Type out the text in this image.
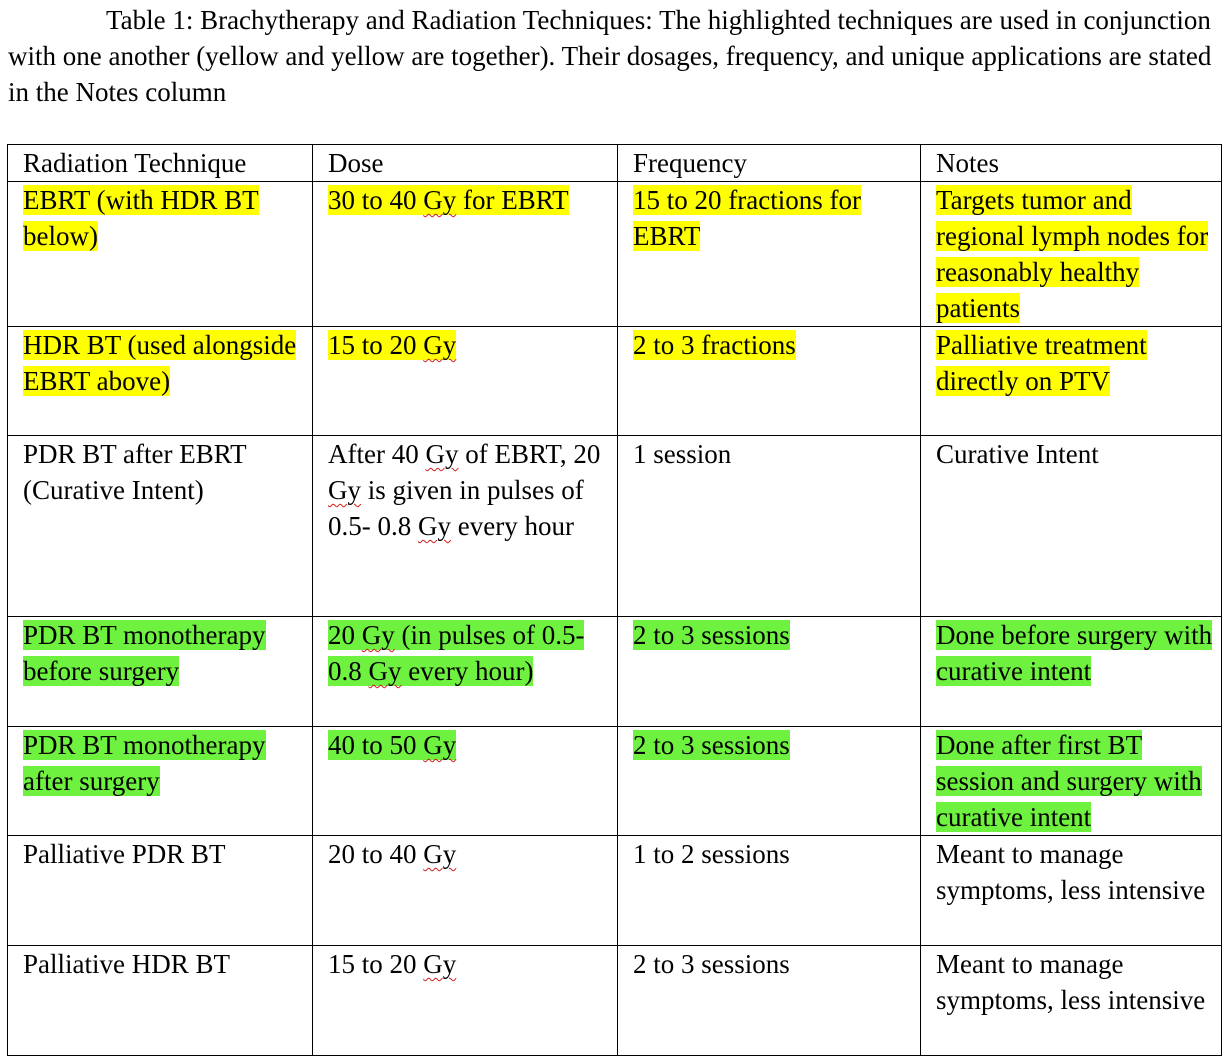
Table 1: Brachytherapy and Radiation Techniques: The highlighted techniques are used in conjunction with one another (yellow and yellow are together). Their dosages, frequency, and unique applications are stated in the Notes column

Radiation Technique	Dose	Frequency	Notes
EBRT (with HDR BT below)	30 to 40 Gy for EBRT	15 to 20 fractions for EBRT	Targets tumor and regional lymph nodes for reasonably healthy patients
HDR BT (used alongside EBRT above)	15 to 20 Gy	2 to 3 fractions	Palliative treatment directly on PTV
PDR BT after EBRT (Curative Intent)	After 40 Gy of EBRT, 20 Gy is given in pulses of 0.5- 0.8 Gy every hour	1 session	Curative Intent
PDR BT monotherapy before surgery	20 Gy (in pulses of 0.5- 0.8 Gy every hour)	2 to 3 sessions	Done before surgery with curative intent
PDR BT monotherapy after surgery	40 to 50 Gy	2 to 3 sessions	Done after first BT session and surgery with curative intent
Palliative PDR BT	20 to 40 Gy	1 to 2 sessions	Meant to manage symptoms, less intensive
Palliative HDR BT	15 to 20 Gy	2 to 3 sessions	Meant to manage symptoms, less intensive
